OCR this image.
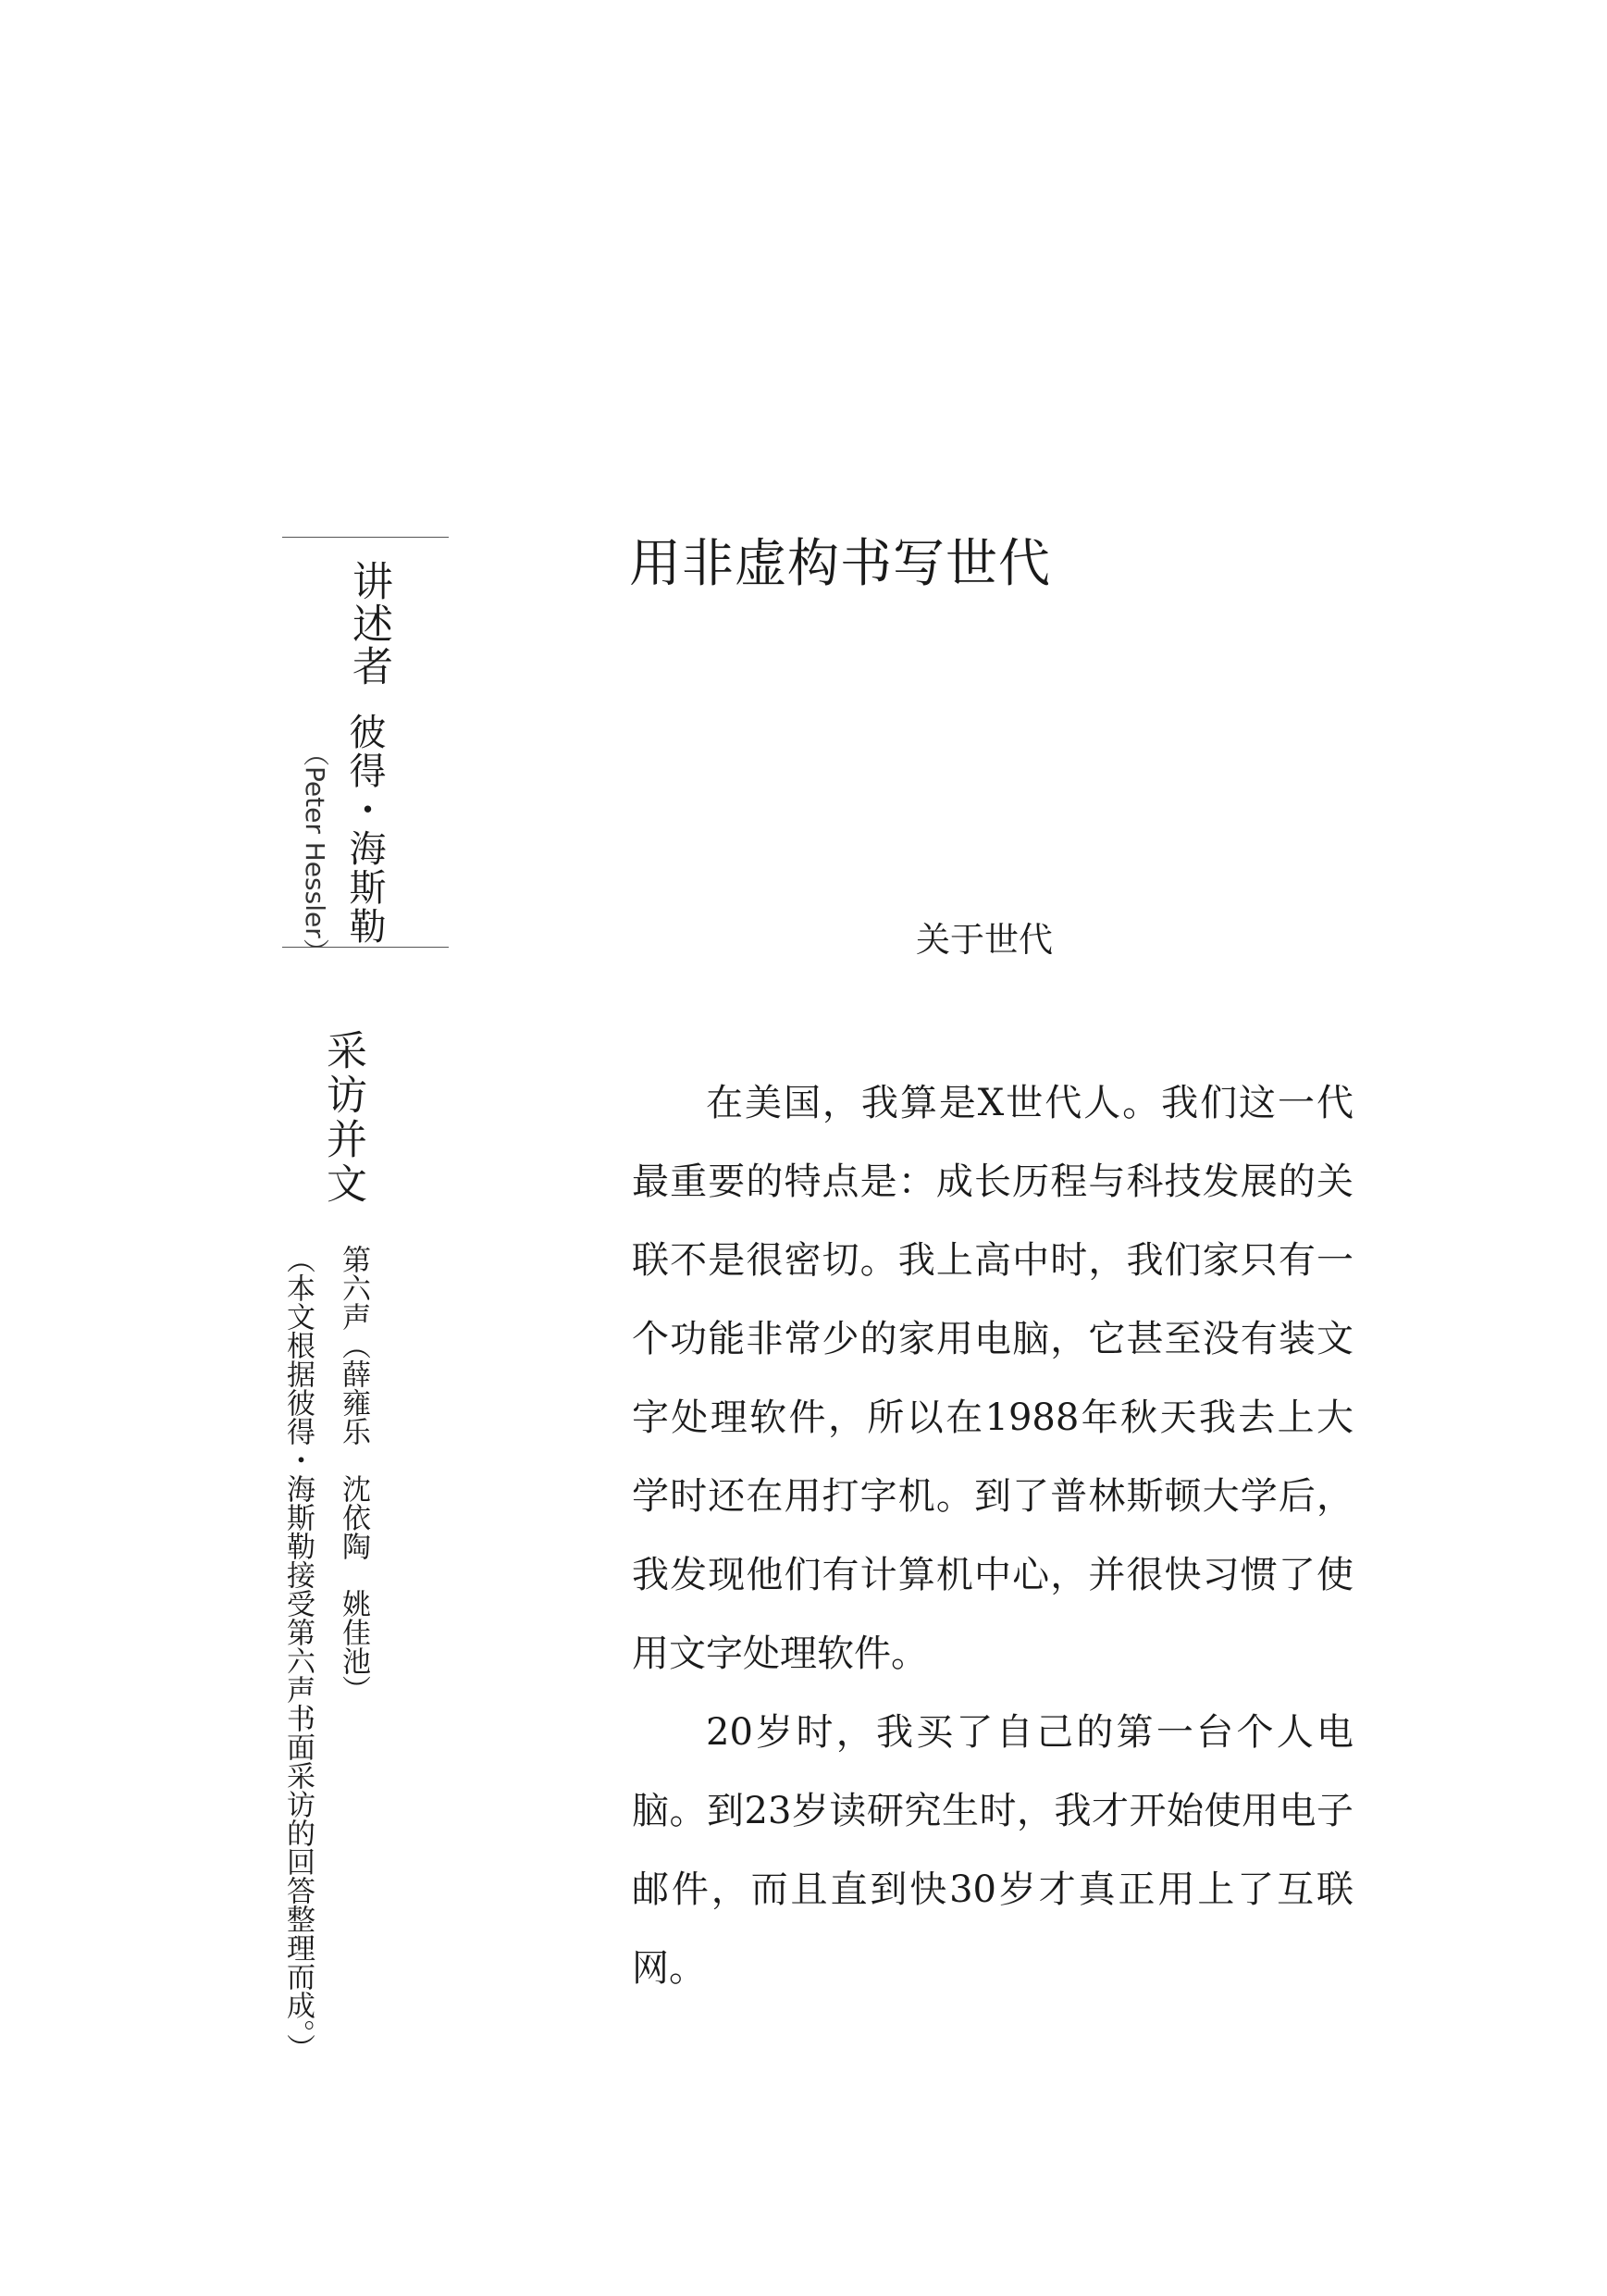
讲述者
彼得・海斯勒
（Peter Hessler）
采访并文
第六声（薛雍乐　沈依陶　姚佳池）
（本文根据彼得・海斯勒接受第六声书面采访的回答整理而成。）
用非虚构书写世代
关于世代

在美国，我算是X世代人。我们这一代最重要的特点是：成长历程与科技发展的关联不是很密切。我上高中时，我们家只有一个功能非常少的家用电脑，它甚至没有装文字处理软件，所以在1988年秋天我去上大学时还在用打字机。到了普林斯顿大学后，我发现他们有计算机中心，并很快习惯了使用文字处理软件。

20岁时，我买了自己的第一台个人电脑。到23岁读研究生时，我才开始使用电子邮件，而且直到快30岁才真正用上了互联网。
